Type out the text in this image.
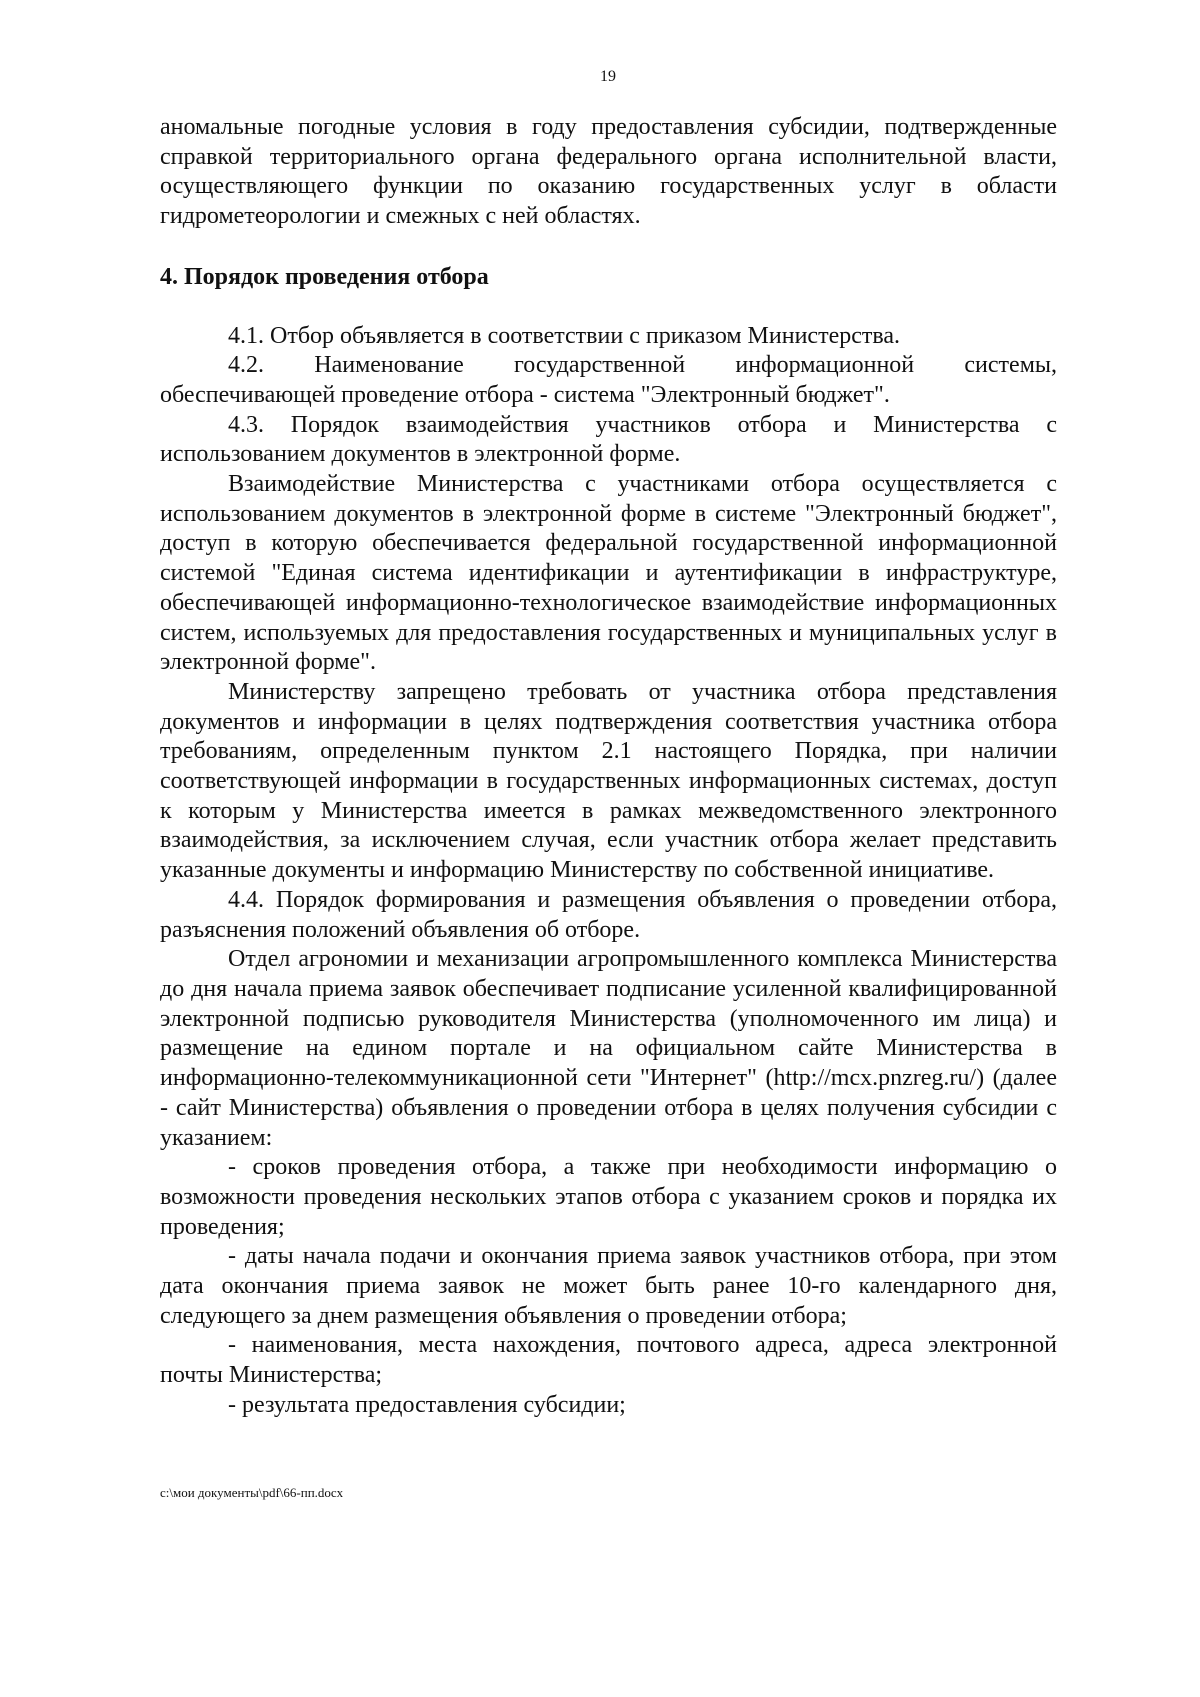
19

аномальные погодные условия в году предоставления субсидии, подтвержденные справкой территориального органа федерального органа исполнительной власти, осуществляющего функции по оказанию государственных услуг в области гидрометеорологии и смежных с ней областях.

4. Порядок проведения отбора

4.1. Отбор объявляется в соответствии с приказом Министерства.

4.2. Наименование государственной информационной системы, обеспечивающей проведение отбора - система "Электронный бюджет".

4.3. Порядок взаимодействия участников отбора и Министерства с использованием документов в электронной форме.

Взаимодействие Министерства с участниками отбора осуществляется с использованием документов в электронной форме в системе "Электронный бюджет", доступ в которую обеспечивается федеральной государственной информационной системой "Единая система идентификации и аутентификации в инфраструктуре, обеспечивающей информационно-технологическое взаимодействие информационных систем, используемых для предоставления государственных и муниципальных услуг в электронной форме".

Министерству запрещено требовать от участника отбора представления документов и информации в целях подтверждения соответствия участника отбора требованиям, определенным пунктом 2.1 настоящего Порядка, при наличии соответствующей информации в государственных информационных системах, доступ к которым у Министерства имеется в рамках межведомственного электронного взаимодействия, за исключением случая, если участник отбора желает представить указанные документы и информацию Министерству по собственной инициативе.

4.4. Порядок формирования и размещения объявления о проведении отбора, разъяснения положений объявления об отборе.

Отдел агрономии и механизации агропромышленного комплекса Министерства до дня начала приема заявок обеспечивает подписание усиленной квалифицированной электронной подписью руководителя Министерства (уполномоченного им лица) и размещение на едином портале и на официальном сайте Министерства в информационно-телекоммуникационной сети "Интернет" (http://mcx.pnzreg.ru/) (далее - сайт Министерства) объявления о проведении отбора в целях получения субсидии с указанием:

- сроков проведения отбора, а также при необходимости информацию о возможности проведения нескольких этапов отбора с указанием сроков и порядка их проведения;

- даты начала подачи и окончания приема заявок участников отбора, при этом дата окончания приема заявок не может быть ранее 10-го календарного дня, следующего за днем размещения объявления о проведении отбора;

- наименования, места нахождения, почтового адреса, адреса электронной почты Министерства;

- результата предоставления субсидии;

c:\мои документы\pdf\66-пп.docx
